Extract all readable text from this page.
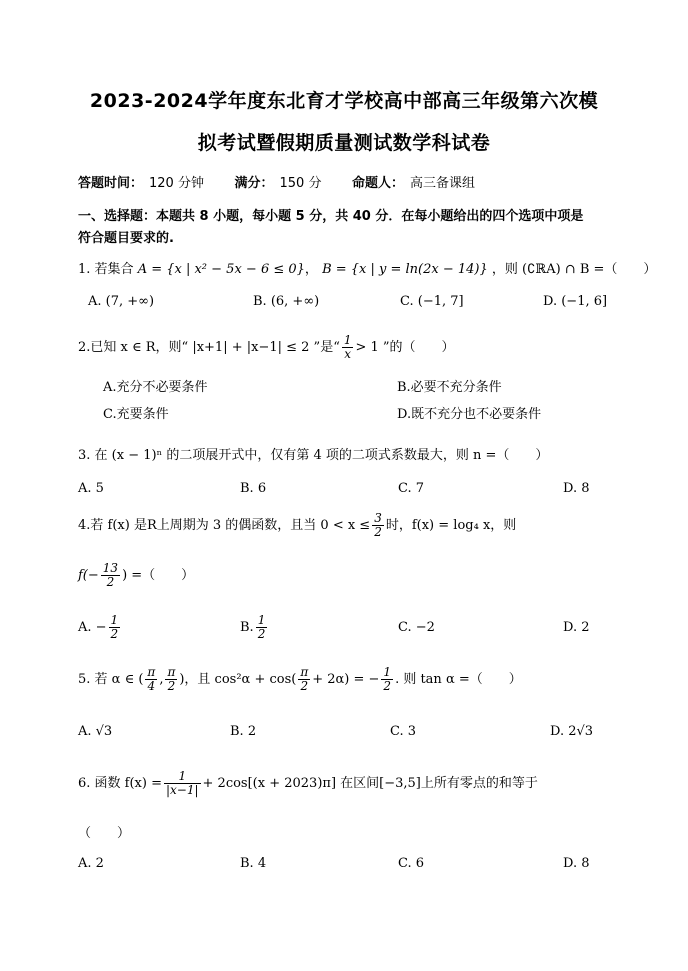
2023-2024学年度东北育才学校高中部高三年级第六次模
拟考试暨假期质量测试数学科试卷
答题时间： 120 分钟 满分： 150 分 命题人： 高三备课组
一、选择题：本题共 8 小题，每小题 5 分，共 40 分．在每小题给出的四个选项中项是
符合题目要求的.
1. 若集合 A = {x | x² − 5x − 6 ≤ 0}， B = {x | y = ln(2x − 14)} ，则 (∁ℝA) ∩ B =（　　）
A. (7, +∞)	B. (6, +∞)	C. (−1, 7]	D. (−1, 6]
2.已知 x ∈ R，则“ |x+1| + |x−1| ≤ 2 ”是“ $\frac{1}{x} > 1$ ”的（　　）
A.充分不必要条件	B.必要不充分条件
C.充要条件	D.既不充分也不必要条件
3. 在 (x − 1)ⁿ 的二项展开式中，仅有第 4 项的二项式系数最大，则 n =（　　）
A. 5	B. 6	C. 7	D. 8
4.若 f(x) 是R上周期为 3 的偶函数，且当 $0 < x \le \frac{3}{2}$ 时，f(x) = log₄ x，则
$f(- \frac{13}{2}$ ) =（　　）
A. − $\frac{1}{2}$	B. $\frac{1}{2}$	C. −2	D. 2
5. 若 α ∈ ( $\frac{\pi}{4}$ , $\frac{\pi}{2}$ )，且 $\cos^2\alpha + \cos( \frac{\pi}{2} + 2\alpha)$ = − $\frac{1}{2}$ . 则 tan α =（　　）
A. √3	B. 2	C. 3	D. 2√3
6. 函数 $f(x) = \frac{1}{|x-1|} + 2\cos[(x + 2023)\pi]$ 在区间[−3,5]上所有零点的和等于
（　　）
A. 2	B. 4	C. 6	D. 8
